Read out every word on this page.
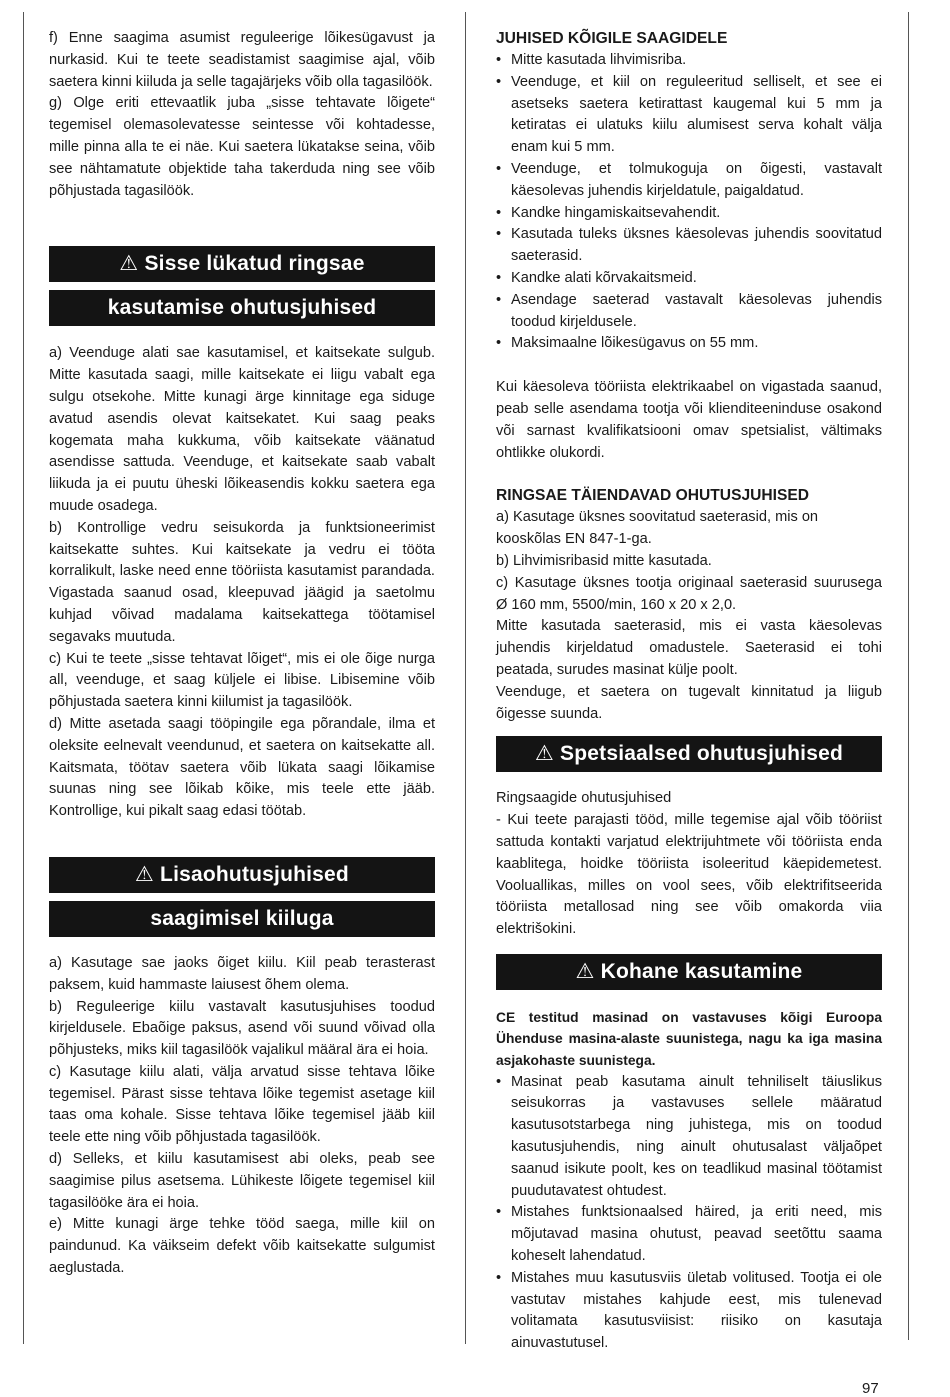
f) Enne saagima asumist reguleerige lõikesügavust ja nurkasid. Kui te teete seadistamist saagimise ajal, võib saetera kinni kiiluda ja selle tagajärjeks võib olla tagasilöök.

g) Olge eriti ettevaatlik juba „sisse tehtavate lõigete“ tegemisel olemasolevatesse seintesse või kohtadesse, mille pinna alla te ei näe. Kui saetera lükatakse seina, võib see nähtamatute objektide taha takerduda ning see võib põhjustada tagasilöök.

⚠ Sisse lükatud ringsae
kasutamise ohutusjuhised

a) Veenduge alati sae kasutamisel, et kaitsekate sulgub. Mitte kasutada saagi, mille kaitsekate ei liigu vabalt ega sulgu otsekohe. Mitte kunagi ärge kinnitage ega siduge avatud asendis olevat kaitsekatet. Kui saag peaks kogemata maha kukkuma, võib kaitsekate väänatud asendisse sattuda. Veenduge, et kaitsekate saab vabalt liikuda ja ei puutu üheski lõikeasendis kokku saetera ega muude osadega.

b) Kontrollige vedru seisukorda ja funktsioneerimist kaitsekatte suhtes. Kui kaitsekate ja vedru ei tööta korralikult, laske need enne tööriista kasutamist parandada. Vigastada saanud osad, kleepuvad jäägid ja saetolmu kuhjad võivad madalama kaitsekattega töötamisel segavaks muutuda.

c) Kui te teete „sisse tehtavat lõiget“, mis ei ole õige nurga all, veenduge, et saag küljele ei libise. Libisemine võib põhjustada saetera kinni kiilumist ja tagasilöök.

d) Mitte asetada saagi tööpingile ega põrandale, ilma et oleksite eelnevalt veendunud, et saetera on kaitsekatte all. Kaitsmata, töötav saetera võib lükata saagi lõikamise suunas ning see lõikab kõike, mis teele ette jääb. Kontrollige, kui pikalt saag edasi töötab.

⚠ Lisaohutusjuhised
saagimisel kiiluga

a) Kasutage sae jaoks õiget kiilu. Kiil peab terasterast paksem, kuid hammaste laiusest õhem olema.

b) Reguleerige kiilu vastavalt kasutusjuhises toodud kirjeldusele. Ebaõige paksus, asend või suund võivad olla põhjusteks, miks kiil tagasilöök vajalikul määral ära ei hoia.

c) Kasutage kiilu alati, välja arvatud sisse tehtava lõike tegemisel. Pärast sisse tehtava lõike tegemist asetage kiil taas oma kohale. Sisse tehtava lõike tegemisel jääb kiil teele ette ning võib põhjustada tagasilöök.

d) Selleks, et kiilu kasutamisest abi oleks, peab see saagimise pilus asetsema. Lühikeste lõigete tegemisel kiil tagasilööke ära ei hoia.

e) Mitte kunagi ärge tehke tööd saega, mille kiil on paindunud. Ka väikseim defekt võib kaitsekatte sulgumist aeglustada.

JUHISED KÕIGILE SAAGIDELE
• Mitte kasutada lihvimisriba.
• Veenduge, et kiil on reguleeritud selliselt, et see ei asetseks saetera ketirattast kaugemal kui 5 mm ja ketiratas ei ulatuks kiilu alumisest serva kohalt välja enam kui 5 mm.
• Veenduge, et tolmukoguja on õigesti, vastavalt käesolevas juhendis kirjeldatule, paigaldatud.
• Kandke hingamiskaitsevahendit.
• Kasutada tuleks üksnes käesolevas juhendis soovitatud saeterasid.
• Kandke alati kõrvakaitsmeid.
• Asendage saeterad vastavalt käesolevas juhendis toodud kirjeldusele.
• Maksimaalne lõikesügavus on 55 mm.

Kui käesoleva tööriista elektrikaabel on vigastada saanud, peab selle asendama tootja või klienditeeninduse osakond või sarnast kvalifikatsiooni omav spetsialist, vältimaks ohtlikke olukordi.

RINGSAE TÄIENDAVAD OHUTUSJUHISED

a) Kasutage üksnes soovitatud saeterasid, mis on kooskõlas EN 847-1-ga.

b) Lihvimisribasid mitte kasutada.

c) Kasutage üksnes tootja originaal saeterasid suurusega Ø 160 mm, 5500/min, 160 x 20 x 2,0.

Mitte kasutada saeterasid, mis ei vasta käesolevas juhendis kirjeldatud omadustele. Saeterasid ei tohi peatada, surudes masinat külje poolt.

Veenduge, et saetera on tugevalt kinnitatud ja liigub õigesse suunda.

⚠ Spetsiaalsed ohutusjuhised

Ringsaagide ohutusjuhised

- Kui teete parajasti tööd, mille tegemise ajal võib tööriist sattuda kontakti varjatud elektrijuhtmete või tööriista enda kaablitega, hoidke tööriista isoleeritud käepidemetest. Vooluallikas, milles on vool sees, võib elektrifitseerida tööriista metallosad ning see võib omakorda viia elektrišokini.

⚠ Kohane kasutamine

CE testitud masinad on vastavuses kõigi Euroopa Ühenduse masina-alaste suunistega, nagu ka iga masina asjakohaste suunistega.

• Masinat peab kasutama ainult tehniliselt täiuslikus seisukorras ja vastavuses sellele määratud kasutusotstarbega ning juhistega, mis on toodud kasutusjuhendis, ning ainult ohutusalast väljaõpet saanud isikute poolt, kes on teadlikud masinal töötamist puudutavatest ohtudest.
• Mistahes funktsionaalsed häired, ja eriti need, mis mõjutavad masina ohutust, peavad seetõttu saama koheselt lahendatud.
• Mistahes muu kasutusviis ületab volitused. Tootja ei ole vastutav mistahes kahjude eest, mis tulenevad volitamata kasutusviisist: riisiko on kasutaja ainuvastutusel.
97
